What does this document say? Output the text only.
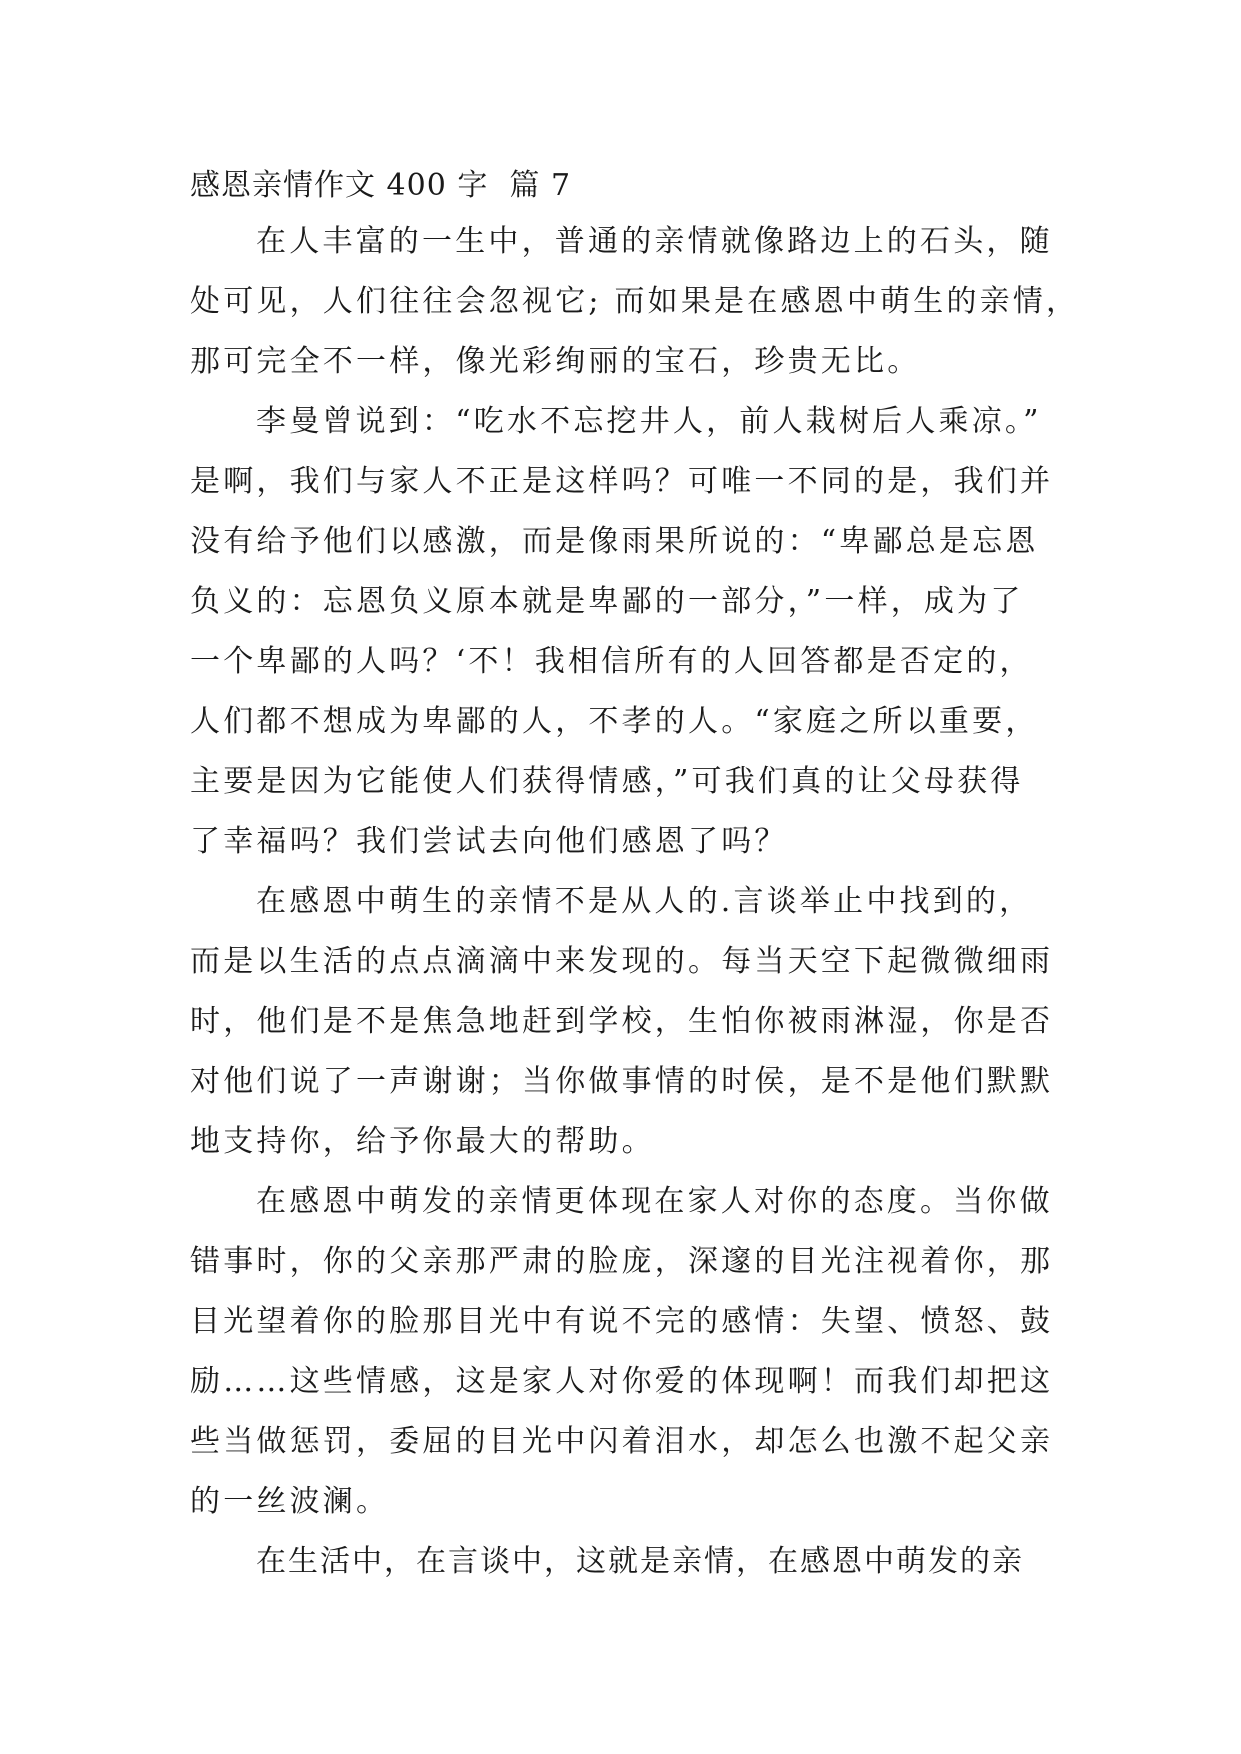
感恩亲情作文 400 字  篇 7
在人丰富的一生中，普通的亲情就像路边上的石头，随
处可见，人们往往会忽视它; 而如果是在感恩中萌生的亲情，
那可完全不一样，像光彩绚丽的宝石，珍贵无比。
李曼曾说到：“吃水不忘挖井人，前人栽树后人乘凉。”
是啊，我们与家人不正是这样吗？可唯一不同的是，我们并
没有给予他们以感激，而是像雨果所说的：“卑鄙总是忘恩
负义的：忘恩负义原本就是卑鄙的一部分，”一样，成为了
一个卑鄙的人吗？‘不！我相信所有的人回答都是否定的，
人们都不想成为卑鄙的人，不孝的人。“家庭之所以重要，
主要是因为它能使人们获得情感，”可我们真的让父母获得
了幸福吗？我们尝试去向他们感恩了吗？
在感恩中萌生的亲情不是从人的.言谈举止中找到的，
而是以生活的点点滴滴中来发现的。每当天空下起微微细雨
时，他们是不是焦急地赶到学校，生怕你被雨淋湿，你是否
对他们说了一声谢谢；当你做事情的时侯，是不是他们默默
地支持你，给予你最大的帮助。
在感恩中萌发的亲情更体现在家人对你的态度。当你做
错事时，你的父亲那严肃的脸庞，深邃的目光注视着你，那
目光望着你的脸那目光中有说不完的感情：失望、愤怒、鼓
励……这些情感，这是家人对你爱的体现啊！而我们却把这
些当做惩罚，委屈的目光中闪着泪水，却怎么也激不起父亲
的一丝波澜。
在生活中，在言谈中，这就是亲情，在感恩中萌发的亲
